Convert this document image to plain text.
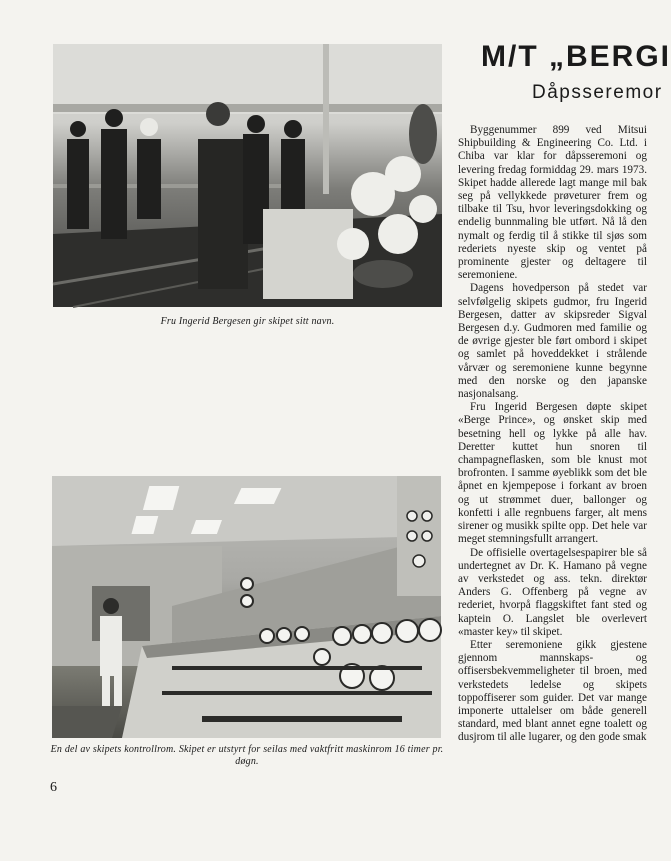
Fru Ingerid Bergesen gir skipet sitt navn.
En del av skipets kontrollrom. Skipet er utstyrt for seilas med vaktfritt maskinrom 16 timer pr. døgn.
M/T „BERGI
Dåpsseremor

Byggenummer 899 ved Mitsui Shipbuilding & Engineering Co. Ltd. i Chiba var klar for dåpsseremoni og levering fredag formiddag 29. mars 1973. Skipet hadde allerede lagt mange mil bak seg på vellykkede prøveturer frem og tilbake til Tsu, hvor leveringsdokking og endelig bunnmaling ble utført. Nå lå den nymalt og ferdig til å stikke til sjøs som rederiets nyeste skip og ventet på prominente gjester og deltagere til seremoniene.

Dagens hovedperson på stedet var selvfølgelig skipets gudmor, fru Ingerid Bergesen, datter av skipsreder Sigval Bergesen d.y. Gudmoren med familie og de øvrige gjester ble ført ombord i skipet og samlet på hoveddekket i strålende vårvær og seremoniene kunne begynne med den norske og den japanske nasjonalsang.

Fru Ingerid Bergesen døpte skipet «Berge Prince», og ønsket skip med besetning hell og lykke på alle hav. Deretter kuttet hun snoren til champagneflasken, som ble knust mot brofronten. I samme øyeblikk som det ble åpnet en kjempepose i forkant av broen og ut strømmet duer, ballonger og konfetti i alle regnbuens farger, alt mens sirener og musikk spilte opp. Det hele var meget stemningsfullt arrangert.

De offisielle overtagelsespapirer ble så undertegnet av Dr. K. Hamano på vegne av verkstedet og ass. tekn. direktør Anders G. Offenberg på vegne av rederiet, hvorpå flaggskiftet fant sted og kaptein O. Langslet ble overlevert «master key» til skipet.

Etter seremoniene gikk gjestene gjennom mannskaps- og offisersbekvemmeligheter til broen, med verkstedets ledelse og skipets toppoffiserer som guider. Det var mange imponerte uttalelser om både generell standard, med blant annet egne toalett og dusjrom til alle lugarer, og den gode smak

6
